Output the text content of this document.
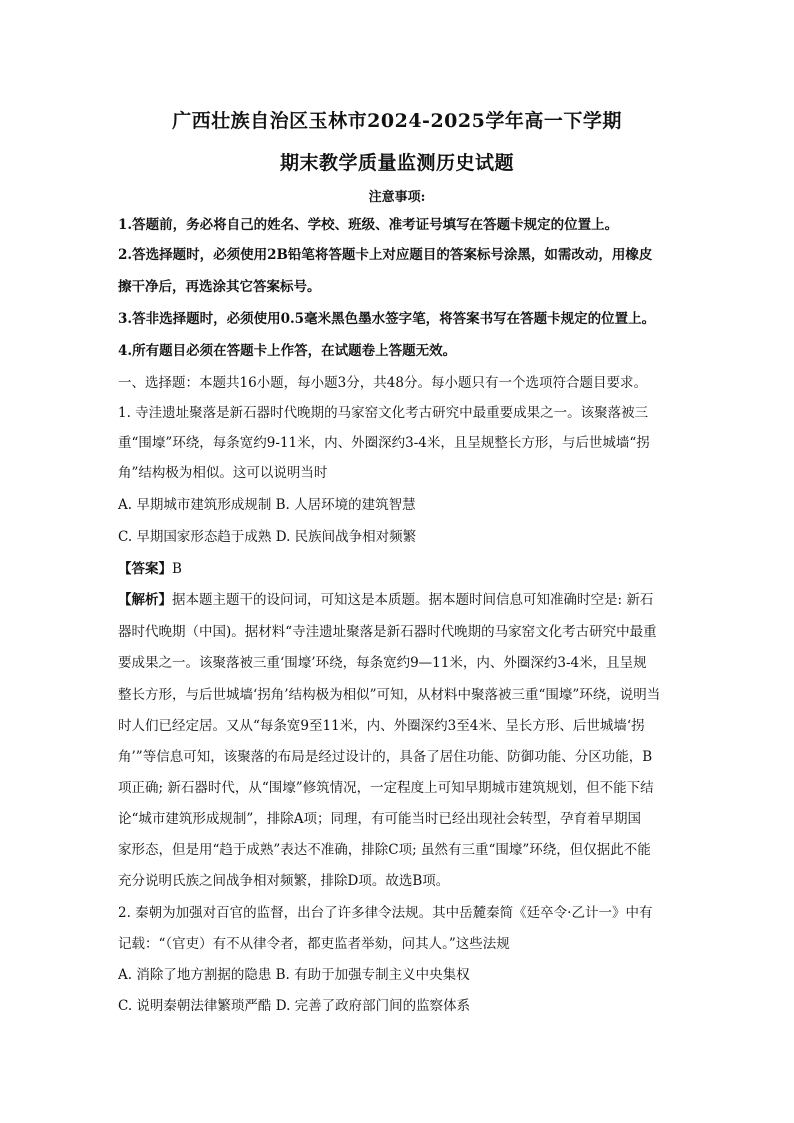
广西壮族自治区玉林市2024-2025学年高一下学期
期末教学质量监测历史试题
注意事项:
1.答题前，务必将自己的姓名、学校、班级、准考证号填写在答题卡规定的位置上。
2.答选择题时，必须使用2B铅笔将答题卡上对应题目的答案标号涂黑，如需改动，用橡皮
擦干净后，再选涂其它答案标号。
3.答非选择题时，必须使用0.5毫米黑色墨水签字笔，将答案书写在答题卡规定的位置上。
4.所有题目必须在答题卡上作答，在试题卷上答题无效。
一、选择题：本题共16小题，每小题3分，共48分。每小题只有一个选项符合题目要求。
1. 寺洼遗址聚落是新石器时代晚期的马家窑文化考古研究中最重要成果之一。该聚落被三
重“围壕”环绕，每条宽约9-11米，内、外圈深约3-4米，且呈规整长方形，与后世城墙“拐
角”结构极为相似。这可以说明当时
A. 早期城市建筑形成规制 B. 人居环境的建筑智慧
C. 早期国家形态趋于成熟 D. 民族间战争相对频繁
【答案】B
【解析】据本题主题干的设问词，可知这是本质题。据本题时间信息可知准确时空是: 新石
器时代晚期（中国)。据材料“寺洼遗址聚落是新石器时代晚期的马家窑文化考古研究中最重
要成果之一。该聚落被三重‘围壕’环绕，每条宽约9—11米，内、外圈深约3-4米，且呈规
整长方形，与后世城墙‘拐角’结构极为相似”可知，从材料中聚落被三重“围壕”环绕，说明当
时人们已经定居。又从“每条宽9至11米，内、外圈深约3至4米、呈长方形、后世城墙‘拐
角’”等信息可知，该聚落的布局是经过设计的，具备了居住功能、防御功能、分区功能，B
项正确; 新石器时代，从“围壕”修筑情况，一定程度上可知早期城市建筑规划，但不能下结
论“城市建筑形成规制”，排除A项；同理，有可能当时已经出现社会转型，孕育着早期国
家形态，但是用“趋于成熟”表达不准确，排除C项; 虽然有三重“围壕”环绕，但仅据此不能
充分说明氏族之间战争相对频繁，排除D项。故选B项。
2. 秦朝为加强对百官的监督，出台了许多律令法规。其中岳麓秦简《廷卒令·乙计一》中有
记载：“（官吏）有不从律令者，都吏监者举劾，问其人。”这些法规
A. 消除了地方割据的隐患 B. 有助于加强专制主义中央集权
C. 说明秦朝法律繁琐严酷 D. 完善了政府部门间的监察体系
